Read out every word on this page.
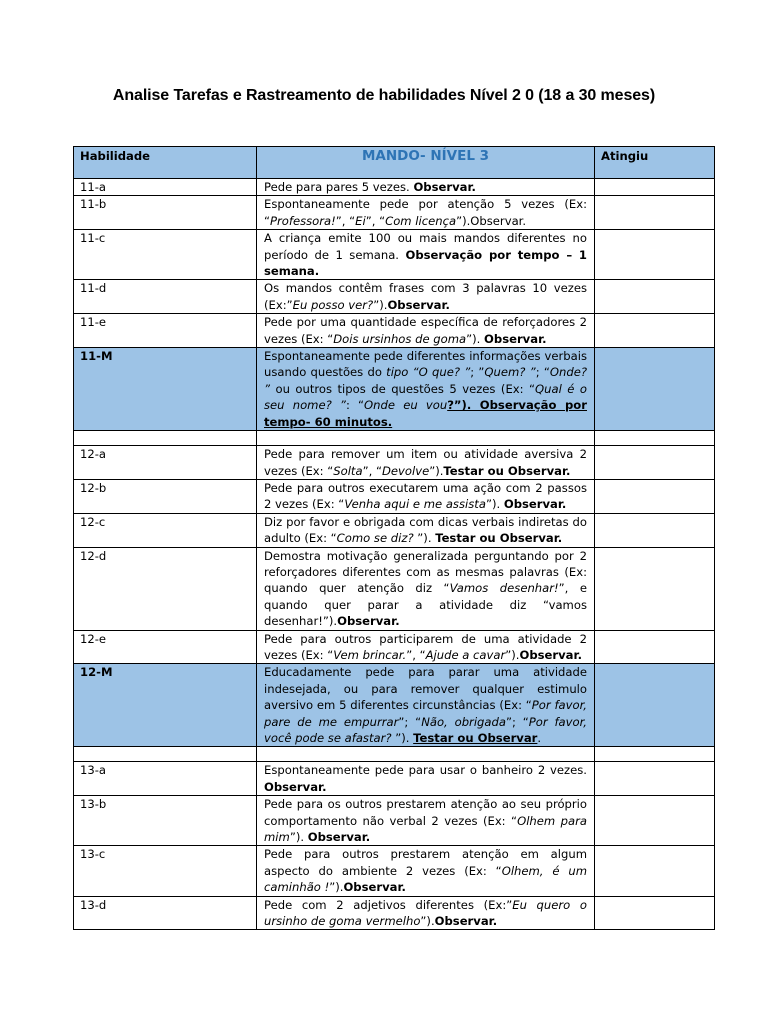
Analise Tarefas e Rastreamento de habilidades Nível 2 0 (18 a 30 meses)
Habilidade	MANDO- NÍVEL 3	Atingiu
11-a	Pede para pares 5 vezes. Observar.	
11-b	Espontaneamente pede por atenção 5 vezes (Ex: “Professora!”, “Ei”, “Com licença”).Observar.	
11-c	A criança emite 100 ou mais mandos diferentes no período de 1 semana. Observação por tempo – 1 semana.	
11-d	Os mandos contêm frases com 3 palavras 10 vezes (Ex:”Eu posso ver?”).Observar.	
11-e	Pede por uma quantidade específica de reforçadores 2 vezes (Ex: “Dois ursinhos de goma”). Observar.	
11-M	Espontaneamente pede diferentes informações verbais usando questões do tipo “O que? ”; ”Quem? ”; “Onde? ” ou outros tipos de questões 5 vezes (Ex: “Qual é o seu nome? ”: “Onde eu vou?”). Observação por tempo- 60 minutos.	

12-a	Pede para remover um item ou atividade aversiva 2 vezes (Ex: “Solta”, “Devolve”).Testar ou Observar.	
12-b	Pede para outros executarem uma ação com 2 passos 2 vezes (Ex: “Venha aqui e me assista”). Observar.	
12-c	Diz por favor e obrigada com dicas verbais indiretas do adulto (Ex: “Como se diz? ”). Testar ou Observar.	
12-d	Demostra motivação generalizada perguntando por 2 reforçadores diferentes com as mesmas palavras (Ex: quando quer atenção diz “Vamos desenhar!”, e quando quer parar a atividade diz “vamos desenhar!”).Observar.	
12-e	Pede para outros participarem de uma atividade 2 vezes (Ex: “Vem brincar.”, “Ajude a cavar”).Observar.	
12-M	Educadamente pede para parar uma atividade indesejada, ou para remover qualquer estimulo aversivo em 5 diferentes circunstâncias (Ex: “Por favor, pare de me empurrar”; “Não, obrigada”; “Por favor, você pode se afastar? ”). Testar ou Observar.	

13-a	Espontaneamente pede para usar o banheiro 2 vezes. Observar.	
13-b	Pede para os outros prestarem atenção ao seu próprio comportamento não verbal 2 vezes (Ex: “Olhem para mim”). Observar.	
13-c	Pede para outros prestarem atenção em algum aspecto do ambiente 2 vezes (Ex: “Olhem, é um caminhão !”).Observar.	
13-d	Pede com 2 adjetivos diferentes (Ex:”Eu quero o ursinho de goma vermelho”).Observar.	
